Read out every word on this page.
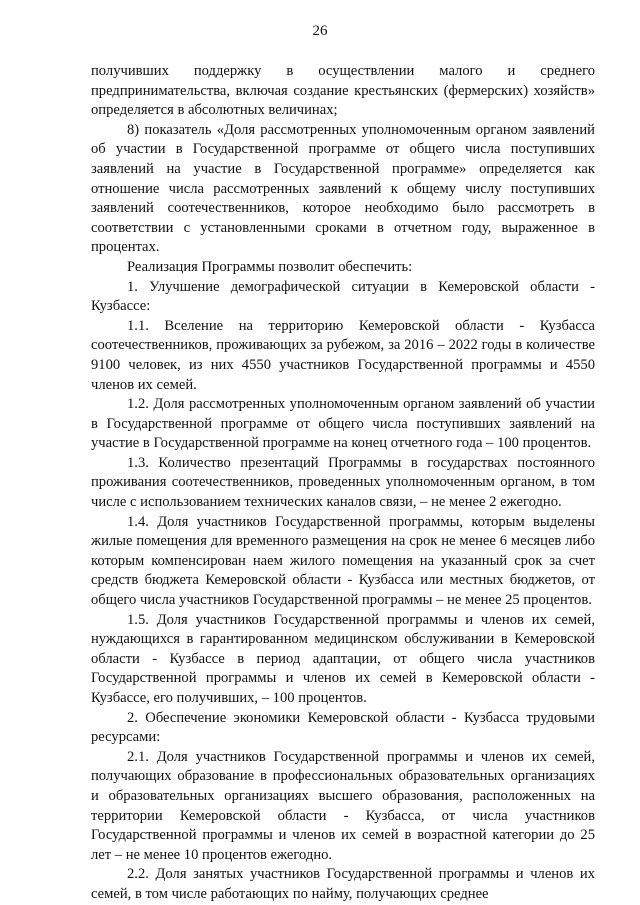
26

получивших поддержку в осуществлении малого и среднего предпринимательства, включая создание крестьянских (фермерских) хозяйств» определяется в абсолютных величинах;

8) показатель «Доля рассмотренных уполномоченным органом заявлений об участии в Государственной программе от общего числа поступивших заявлений на участие в Государственной программе» определяется как отношение числа рассмотренных заявлений к общему числу поступивших заявлений соотечественников, которое необходимо было рассмотреть в соответствии с установленными сроками в отчетном году, выраженное в процентах.

Реализация Программы позволит обеспечить:

1. Улучшение демографической ситуации в Кемеровской области - Кузбассе:

1.1. Вселение на территорию Кемеровской области - Кузбасса соотечественников, проживающих за рубежом, за 2016 – 2022 годы в количестве 9100 человек, из них 4550 участников Государственной программы и 4550 членов их семей.

1.2. Доля рассмотренных уполномоченным органом заявлений об участии в Государственной программе от общего числа поступивших заявлений на участие в Государственной программе на конец отчетного года – 100 процентов.

1.3. Количество презентаций Программы в государствах постоянного проживания соотечественников, проведенных уполномоченным органом, в том числе с использованием технических каналов связи, – не менее 2 ежегодно.

1.4. Доля участников Государственной программы, которым выделены жилые помещения для временного размещения на срок не менее 6 месяцев либо которым компенсирован наем жилого помещения на указанный срок за счет средств бюджета Кемеровской области - Кузбасса или местных бюджетов, от общего числа участников Государственной программы – не менее 25 процентов.

1.5. Доля участников Государственной программы и членов их семей, нуждающихся в гарантированном медицинском обслуживании в Кемеровской области - Кузбассе в период адаптации, от общего числа участников Государственной программы и членов их семей в Кемеровской области - Кузбассе, его получивших, – 100 процентов.

2. Обеспечение экономики Кемеровской области - Кузбасса трудовыми ресурсами:

2.1. Доля участников Государственной программы и членов их семей, получающих образование в профессиональных образовательных организациях и образовательных организациях высшего образования, расположенных на территории Кемеровской области - Кузбасса, от числа участников Государственной программы и членов их семей в возрастной категории до 25 лет – не менее 10 процентов ежегодно.

2.2. Доля занятых участников Государственной программы и членов их семей, в том числе работающих по найму, получающих среднее
